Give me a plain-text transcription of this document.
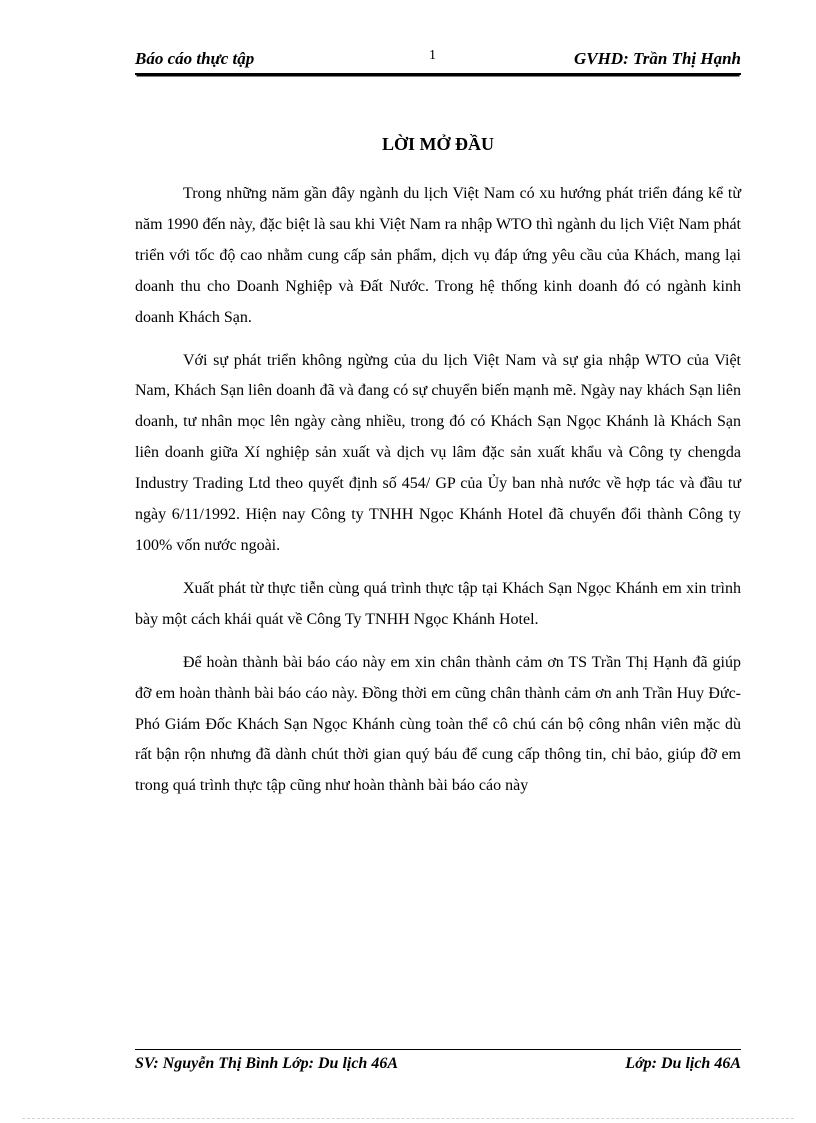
Báo cáo thực tập	1	GVHD: Trần Thị Hạnh
LỜI MỞ ĐẦU

Trong những năm gần đây ngành du lịch Việt Nam có xu hướng phát triển đáng kể từ năm 1990 đến này, đặc biệt là sau khi Việt Nam ra nhập WTO thì ngành du lịch Việt Nam phát triển với tốc độ cao nhằm cung cấp sản phẩm, dịch vụ đáp ứng yêu cầu của Khách, mang lại doanh thu cho Doanh Nghiệp và Đất Nước. Trong hệ thống kinh doanh đó có ngành kinh doanh Khách Sạn.

Với sự phát triển không ngừng của du lịch Việt Nam và sự gia nhập WTO của Việt Nam, Khách Sạn liên doanh đã và đang có sự chuyển biến mạnh mẽ. Ngày nay khách Sạn liên doanh, tư nhân mọc lên ngày càng nhiều, trong đó có Khách Sạn Ngọc Khánh là Khách Sạn liên doanh giữa Xí nghiệp sản xuất và dịch vụ lâm đặc sản xuất khẩu và Công ty chengda Industry Trading Ltd theo quyết định số 454/ GP của Ủy ban nhà nước về hợp tác và đầu tư ngày 6/11/1992. Hiện nay Công ty TNHH Ngọc Khánh Hotel đã chuyển đổi thành Công ty 100% vốn nước ngoài.

Xuất phát từ thực tiễn cùng quá trình thực tập tại Khách Sạn Ngọc Khánh em xin trình bày một cách khái quát về Công Ty TNHH Ngọc Khánh Hotel.

Để hoàn thành bài báo cáo này em xin chân thành cảm ơn TS Trần Thị Hạnh đã giúp đỡ em hoàn thành bài báo cáo này. Đồng thời em cũng chân thành cảm ơn anh Trần Huy Đức- Phó Giám Đốc Khách Sạn Ngọc Khánh cùng toàn thể cô chú cán bộ công nhân viên mặc dù rất bận rộn nhưng đã dành chút thời gian quý báu để cung cấp thông tin, chỉ bảo, giúp đỡ em trong quá trình thực tập cũng như hoàn thành bài báo cáo này

SV: Nguyễn Thị Bình Lớp: Du lịch 46A	Lớp: Du lịch 46A
